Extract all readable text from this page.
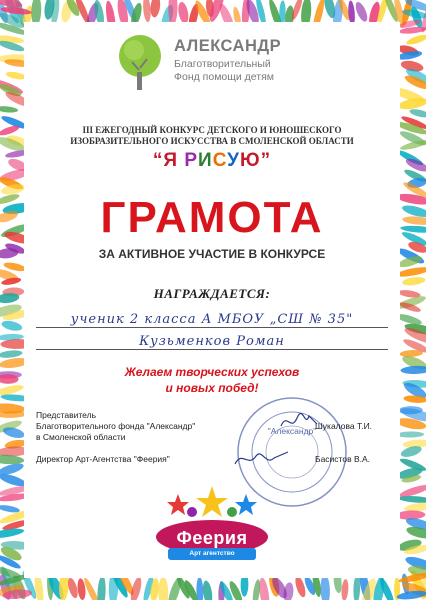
АЛЕКСАНДР
Благотворительный
Фонд помощи детям
III ЕЖЕГОДНЫЙ КОНКУРС ДЕТСКОГО И ЮНОШЕСКОГО
ИЗОБРАЗИТЕЛЬНОГО ИСКУССТВА В СМОЛЕНСКОЙ ОБЛАСТИ
“Я РИСУЮ”
ГРАМОТА
ЗА АКТИВНОЕ УЧАСТИЕ В КОНКУРСЕ
НАГРАЖДАЕТСЯ:
ученик 2 класса А МБОУ „СШ № 35"
Кузьменков Роман
Желаем творческих успехов
и новых побед!
"Александр"
Представитель
Благотворительного фонда "Александр"
в Смоленской области
Шукалова Т.И.
Директор Арт-Агентства "Феерия"	Басистов В.А.
Феерия
Арт агентство
